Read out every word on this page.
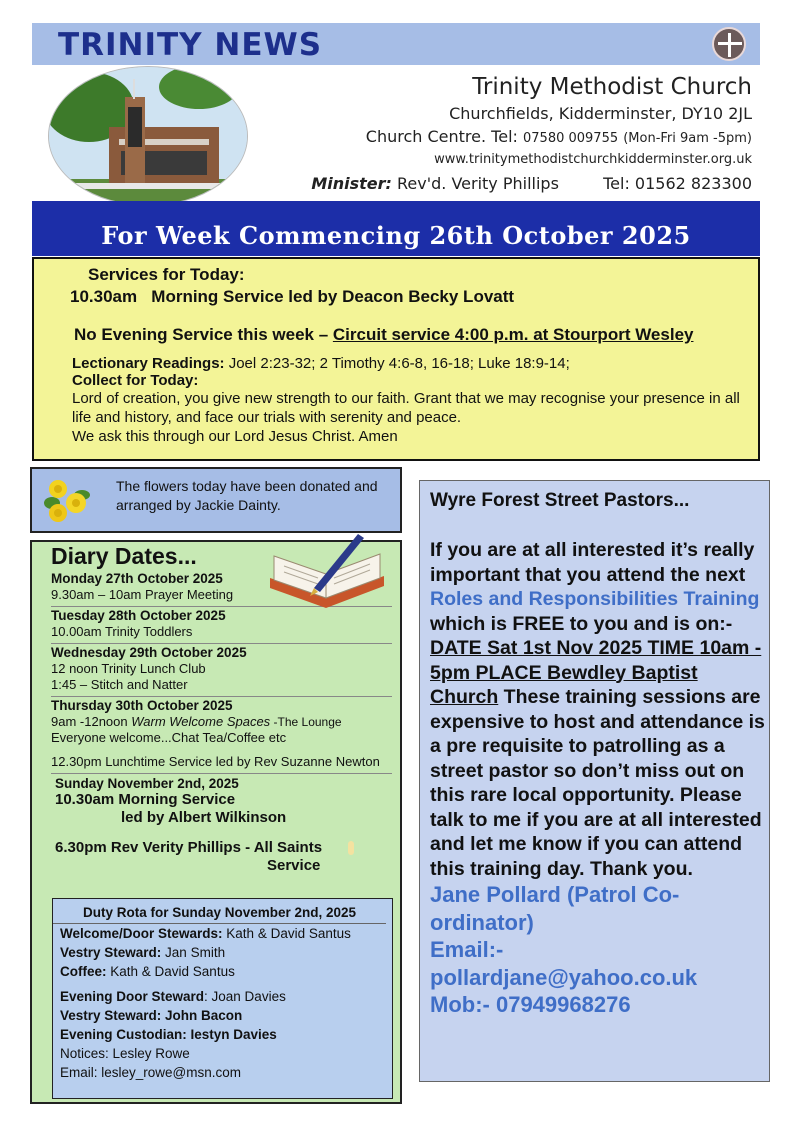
TRINITY NEWS
Trinity Methodist Church
Churchfields, Kidderminster, DY10 2JL
Church Centre. Tel: 07580 009755 (Mon-Fri 9am -5pm)
www.trinitymethodistchurchkidderminster.org.uk
Minister: Rev'd. Verity Phillips	Tel: 01562 823300
For Week Commencing 26th October 2025
Services for Today:
10.30am   Morning Service led by Deacon Becky Lovatt
No Evening Service this week – Circuit service 4:00 p.m. at Stourport Wesley
Lectionary Readings: Joel 2:23-32; 2 Timothy 4:6-8, 16-18; Luke 18:9-14;
Collect for Today:
Lord of creation, you give new strength to our faith. Grant that we may recognise your presence in all life and history, and face our trials with serenity and peace.
We ask this through our Lord Jesus Christ. Amen
The flowers today have been donated and arranged by Jackie Dainty.
Diary Dates...
Monday 27th October 2025
9.30am – 10am Prayer Meeting
Tuesday 28th October 2025
10.00am Trinity Toddlers
Wednesday 29th October 2025
12 noon Trinity Lunch Club
1:45 – Stitch and Natter
Thursday 30th October 2025
9am -12noon Warm Welcome Spaces -The Lounge
Everyone welcome...Chat Tea/Coffee etc
12.30pm Lunchtime Service led by Rev Suzanne Newton
Sunday November 2nd, 2025
10.30am Morning Service
led by Albert Wilkinson
6.30pm Rev Verity Phillips - All Saints
Service
Duty Rota for Sunday November 2nd, 2025
Welcome/Door Stewards: Kath & David Santus
Vestry Steward: Jan Smith
Coffee: Kath & David Santus
Evening Door Steward: Joan Davies
Vestry Steward: John Bacon
Evening Custodian: Iestyn Davies
Notices: Lesley Rowe
Email: lesley_rowe@msn.com
Wyre Forest Street Pastors...
If you are at all interested it’s really important that you attend the next Roles and Responsibilities Training which is FREE to you and is on:- DATE Sat 1st Nov 2025 TIME 10am - 5pm PLACE Bewdley Baptist Church These training sessions are expensive to host and attendance is a pre requisite to patrolling as a street pastor so don’t miss out on this rare local opportunity. Please talk to me if you are at all interested and let me know if you can attend this training day. Thank you.
Jane Pollard (Patrol Co-ordinator)
Email:- pollardjane@yahoo.co.uk
Mob:- 07949968276
